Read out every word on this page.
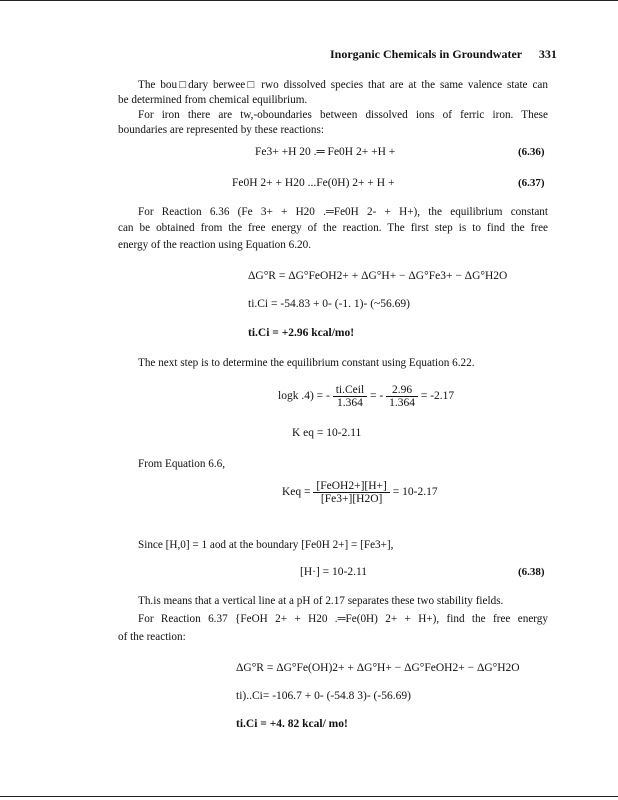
Inorganic Chemicals in Groundwater 331
The bou□dary berwee□ rwo dissolved species that are at the same valence state can
be determined from chemical equilibrium.
For iron there are tw,-oboundaries between dissolved ions of ferric iron. These
boundaries are represented by these reactions:
Fe3+ +H 20 .═ Fe0H 2+ +H +	(6.36)
Fe0H 2+ + H20 ...Fe(0H) 2+ + H +	(6.37)
For Reaction 6.36 (Fe 3+ + H20 .═Fe0H 2- + H+), the equilibrium constant
can be obtained from the free energy of the reaction. The first step is to find the free
energy of the reaction using Equation 6.20.
ΔG°R = ΔG°FeOH2+ + ΔG°H+ − ΔG°Fe3+ − ΔG°H2O
ti.Ci = -54.83 + 0- (-1. 1)- (~56.69)
ti.Ci = +2.96 kcal/mo!
The next step is to determine the equilibrium constant using Equation 6.22.
logk .4) = - $\frac{\text{ti.Ceil}}{1.364}$ = - $\frac{2.96}{1.364} = -2.17$
K eq = 10-2.11
From Equation 6.6,
Keq = $\frac{\text{[FeOH2+][H+]}}{[Fe3+][H2O]} = 10-2.17$
Since [H,0] = 1 aod at the boundary [Fe0H 2+] = [Fe3+],
[H·] = 10-2.11	(6.38)
Th.is means that a vertical line at a pH of 2.17 separates these two stability fields.
For Reaction 6.37 {FeOH 2+ + H20 .═Fe(0H) 2+ + H+), find the free energy
of the reaction:
ΔG°R = ΔG°Fe(OH)2+ + ΔG°H+ − ΔG°FeOH2+ − ΔG°H2O
ti)..Ci= -106.7 + 0- (-54.8 3)- (-56.69)
ti.Ci = +4. 82 kcal/ mo!
